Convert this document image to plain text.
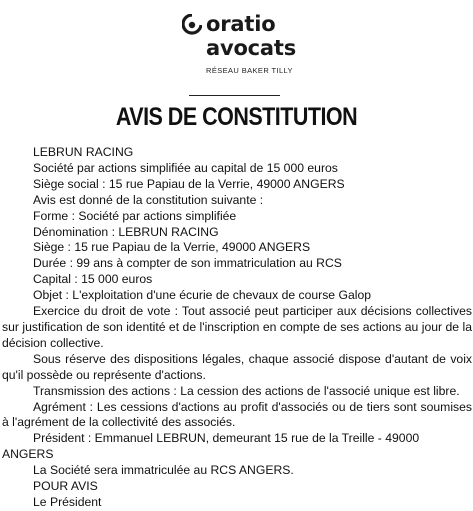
oratio
avocats
RÉSEAU BAKER TILLY
AVIS DE CONSTITUTION

LEBRUN RACING

Société par actions simplifiée au capital de 15 000 euros

Siège social : 15 rue Papiau de la Verrie, 49000 ANGERS

Avis est donné de la constitution suivante :

Forme : Société par actions simplifiée

Dénomination : LEBRUN RACING

Siège : 15 rue Papiau de la Verrie, 49000 ANGERS

Durée : 99 ans à compter de son immatriculation au RCS

Capital : 15 000 euros

Objet : L'exploitation d'une écurie de chevaux de course Galop

Exercice du droit de vote : Tout associé peut participer aux décisions collectives sur justification de son identité et de l'inscription en compte de ses actions au jour de la décision collective.

Sous réserve des dispositions légales, chaque associé dispose d'autant de voix qu'il possède ou représente d'actions.

Transmission des actions : La cession des actions de l'associé unique est libre.

Agrément : Les cessions d'actions au profit d'associés ou de tiers sont soumises à l'agrément de la collectivité des associés.

Président : Emmanuel LEBRUN, demeurant 15 rue de la Treille - 49000 ANGERS

La Société sera immatriculée au RCS ANGERS.

POUR AVIS

Le Président
